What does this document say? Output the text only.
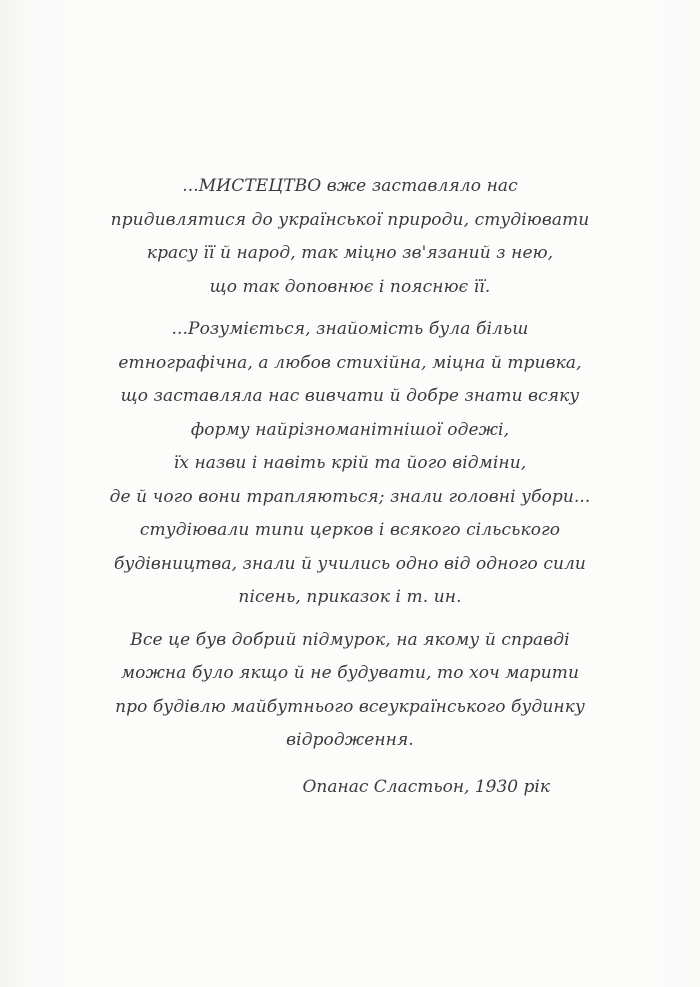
...МИСТЕЦТВО вже заставляло нас
придивлятися до української природи, студіювати
красу її й народ, так міцно зв'язаний з нею,
що так доповнює і пояснює її.
...Розуміється, знайомість була більш
етнографічна, а любов стихійна, міцна й тривка,
що заставляла нас вивчати й добре знати всяку
форму найрізноманітнішої одежі,
їх назви і навіть крій та його відміни,
де й чого вони трапляються; знали головні убори...
студіювали типи церков і всякого сільського
будівництва, знали й учились одно від одного сили
пісень, приказок і т. ин.
Все це був добрий підмурок, на якому й справді
можна було якщо й не будувати, то хоч марити
про будівлю майбутнього всеукраїнського будинку
відродження.
Опанас Сластьон, 1930 рік
